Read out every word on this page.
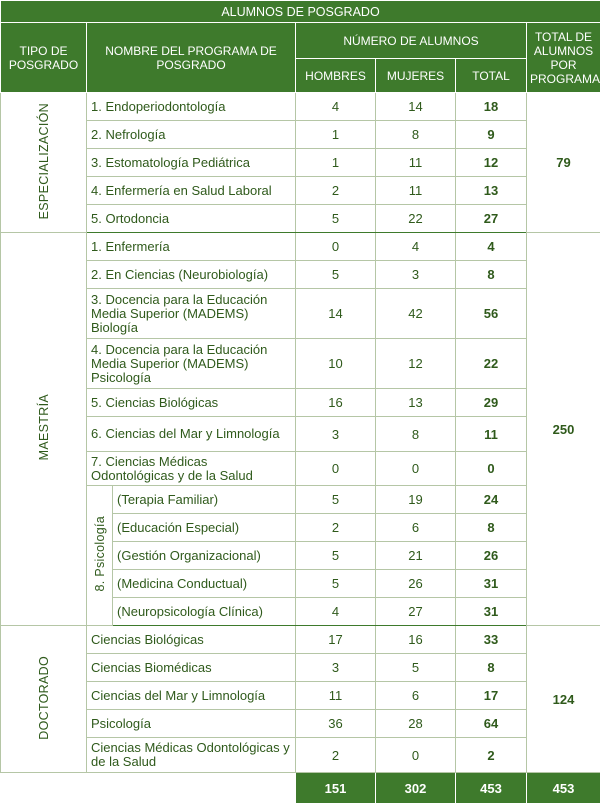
ALUMNOS DE POSGRADO						
TIPO DE POSGRADO	NOMBRE DEL PROGRAMA DE POSGRADO		NÚMERO DE ALUMNOS			TOTAL DE ALUMNOS POR PROGRAMA
			HOMBRES	MUJERES	TOTAL	
ESPECIALIZACIÓN	1. Endoperiodontología		4	14	18	79
	2. Nefrología		1	8	9	
	3. Estomatología Pediátrica		1	11	12	
	4. Enfermería en Salud Laboral		2	11	13	
	5. Ortodoncia		5	22	27	
MAESTRÍA	1. Enfermería		0	4	4	250
	2. En Ciencias (Neurobiología)		5	3	8	
	3. Docencia para la Educación Media Superior (MADEMS) Biología		14	42	56	
	4. Docencia para la Educación Media Superior (MADEMS) Psicología		10	12	22	
	5. Ciencias Biológicas		16	13	29	
	6. Ciencias del Mar y Limnología		3	8	11	
	7. Ciencias Médicas Odontológicas y de la Salud		0	0	0	
	8. Psicología	(Terapia Familiar)	5	19	24	
		(Educación Especial)	2	6	8	
		(Gestión Organizacional)	5	21	26	
		(Medicina Conductual)	5	26	31	
		(Neuropsicología Clínica)	4	27	31	
DOCTORADO	Ciencias Biológicas		17	16	33	124
	Ciencias Biomédicas		3	5	8	
	Ciencias del Mar y Limnología		11	6	17	
	Psicología		36	28	64	
	Ciencias Médicas Odontológicas y de la Salud		2	0	2	
			151	302	453	453
